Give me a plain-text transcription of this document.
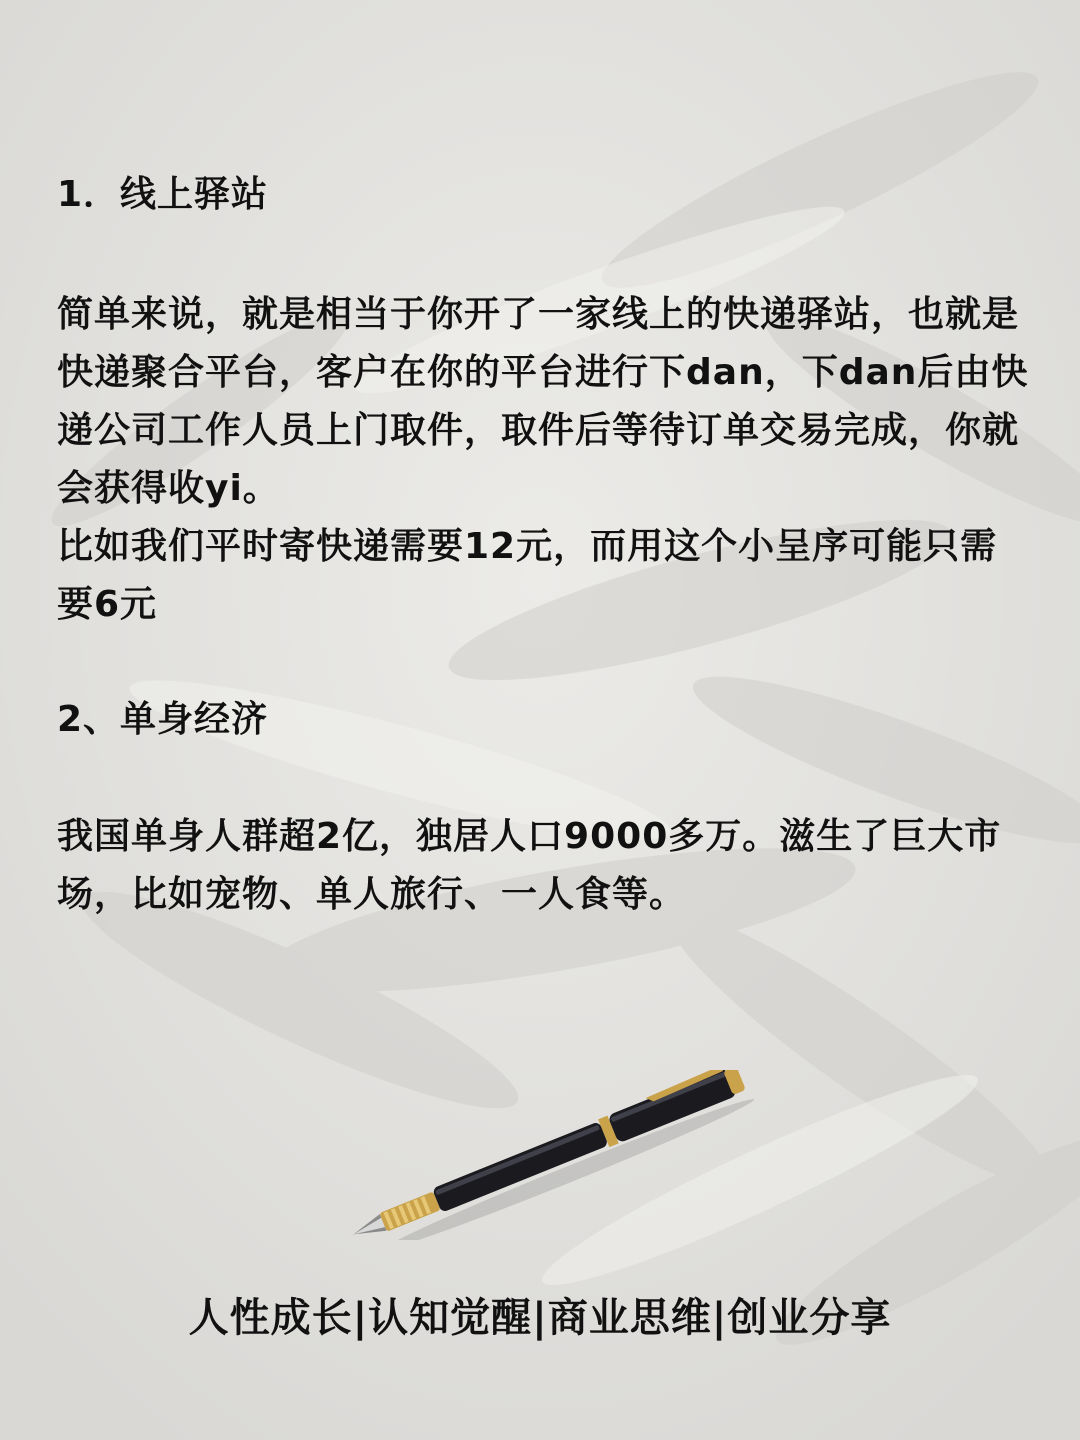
1．线上驿站

简单来说，就是相当于你开了一家线上的快递驿站，也就是快递聚合平台，客户在你的平台进行下dan，下dan后由快递公司工作人员上门取件，取件后等待订单交易完成，你就会获得收yi。

比如我们平时寄快递需要12元，而用这个小呈序可能只需要6元

2、单身经济

我国单身人群超2亿，独居人口9000多万。滋生了巨大市场，比如宠物、单人旅行、一人食等。

人性成长|认知觉醒|商业思维|创业分享
